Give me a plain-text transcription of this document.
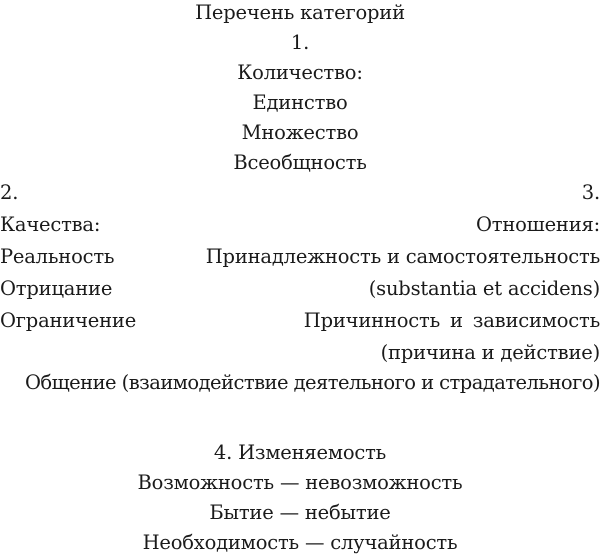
Перечень категорий
1.
Количество:
Единство
Множество
Всеобщность
2.	3.
Качества:	Отношения:
Реальность	Принадлежность и самостоятельность
Отрицание	(substantia et accidens)
Ограничение	Причинность и зависимость
(причина и действие)
Общение (взаимодействие деятельного и страдательного)
4. Изменяемость
Возможность — невозможность
Бытие — небытие
Необходимость — случайность
